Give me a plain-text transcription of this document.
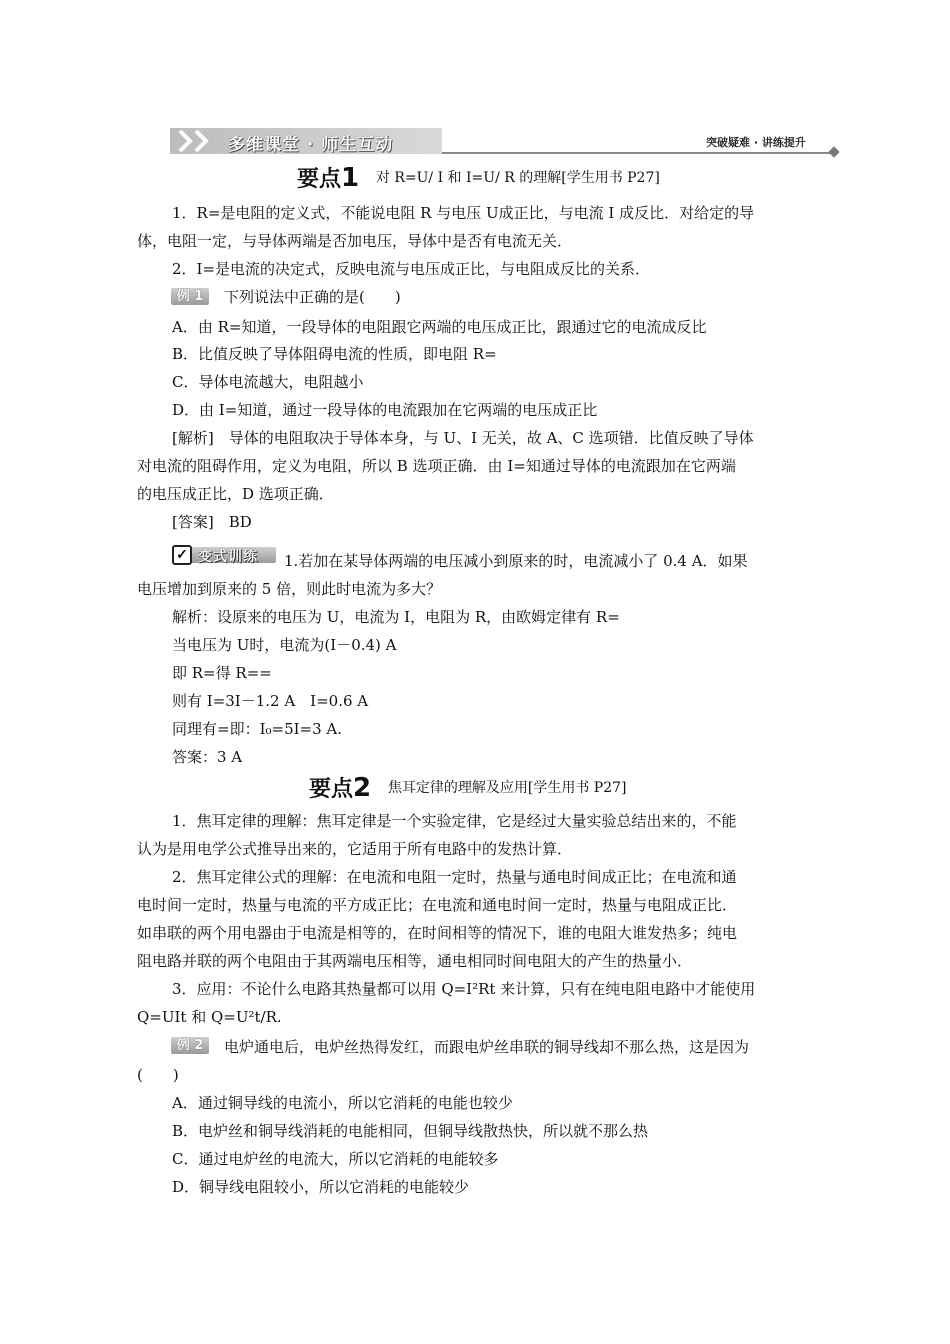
多维课堂 · 师生互动	突破疑难 · 讲练提升
要点1 对 R=U/ I 和 I=U/ R 的理解[学生用书 P27]
1．R=是电阻的定义式，不能说电阻 R 与电压 U成正比，与电流 I 成反比．对给定的导
体，电阻一定，与导体两端是否加电压，导体中是否有电流无关．
2．I=是电流的决定式，反映电流与电压成正比，与电阻成反比的关系．
例 1	下列说法中正确的是(　　)
A．由 R=知道，一段导体的电阻跟它两端的电压成正比，跟通过它的电流成反比
B．比值反映了导体阻碍电流的性质，即电阻 R=
C．导体电流越大，电阻越小
D．由 I=知道，通过一段导体的电流跟加在它两端的电压成正比
[解析]　导体的电阻取决于导体本身，与 U、I 无关，故 A、C 选项错．比值反映了导体
对电流的阻碍作用，定义为电阻，所以 B 选项正确．由 I=知通过导体的电流跟加在它两端
的电压成正比，D 选项正确．
[答案]　BD
✓ 变式训练 1.若加在某导体两端的电压减小到原来的时，电流减小了 0.4 A．如果
电压增加到原来的 5 倍，则此时电流为多大？
解析：设原来的电压为 U，电流为 I，电阻为 R，由欧姆定律有 R=
当电压为 U时，电流为(I－0.4) A
即 R=得 R==
则有 I=3I－1.2 A　I=0.6 A
同理有=即：I₀=5I=3 A.
答案：3 A
要点2 焦耳定律的理解及应用[学生用书 P27]
1．焦耳定律的理解：焦耳定律是一个实验定律，它是经过大量实验总结出来的，不能
认为是用电学公式推导出来的，它适用于所有电路中的发热计算．
2．焦耳定律公式的理解：在电流和电阻一定时，热量与通电时间成正比；在电流和通
电时间一定时，热量与电流的平方成正比；在电流和通电时间一定时，热量与电阻成正比．
如串联的两个用电器由于电流是相等的，在时间相等的情况下，谁的电阻大谁发热多；纯电
阻电路并联的两个电阻由于其两端电压相等，通电相同时间电阻大的产生的热量小．
3．应用：不论什么电路其热量都可以用 Q=I²Rt 来计算，只有在纯电阻电路中才能使用
Q=UIt 和 Q=U²t/R.
例 2	电炉通电后，电炉丝热得发红，而跟电炉丝串联的铜导线却不那么热，这是因为
(　　)
A．通过铜导线的电流小，所以它消耗的电能也较少
B．电炉丝和铜导线消耗的电能相同，但铜导线散热快，所以就不那么热
C．通过电炉丝的电流大，所以它消耗的电能较多
D．铜导线电阻较小，所以它消耗的电能较少
